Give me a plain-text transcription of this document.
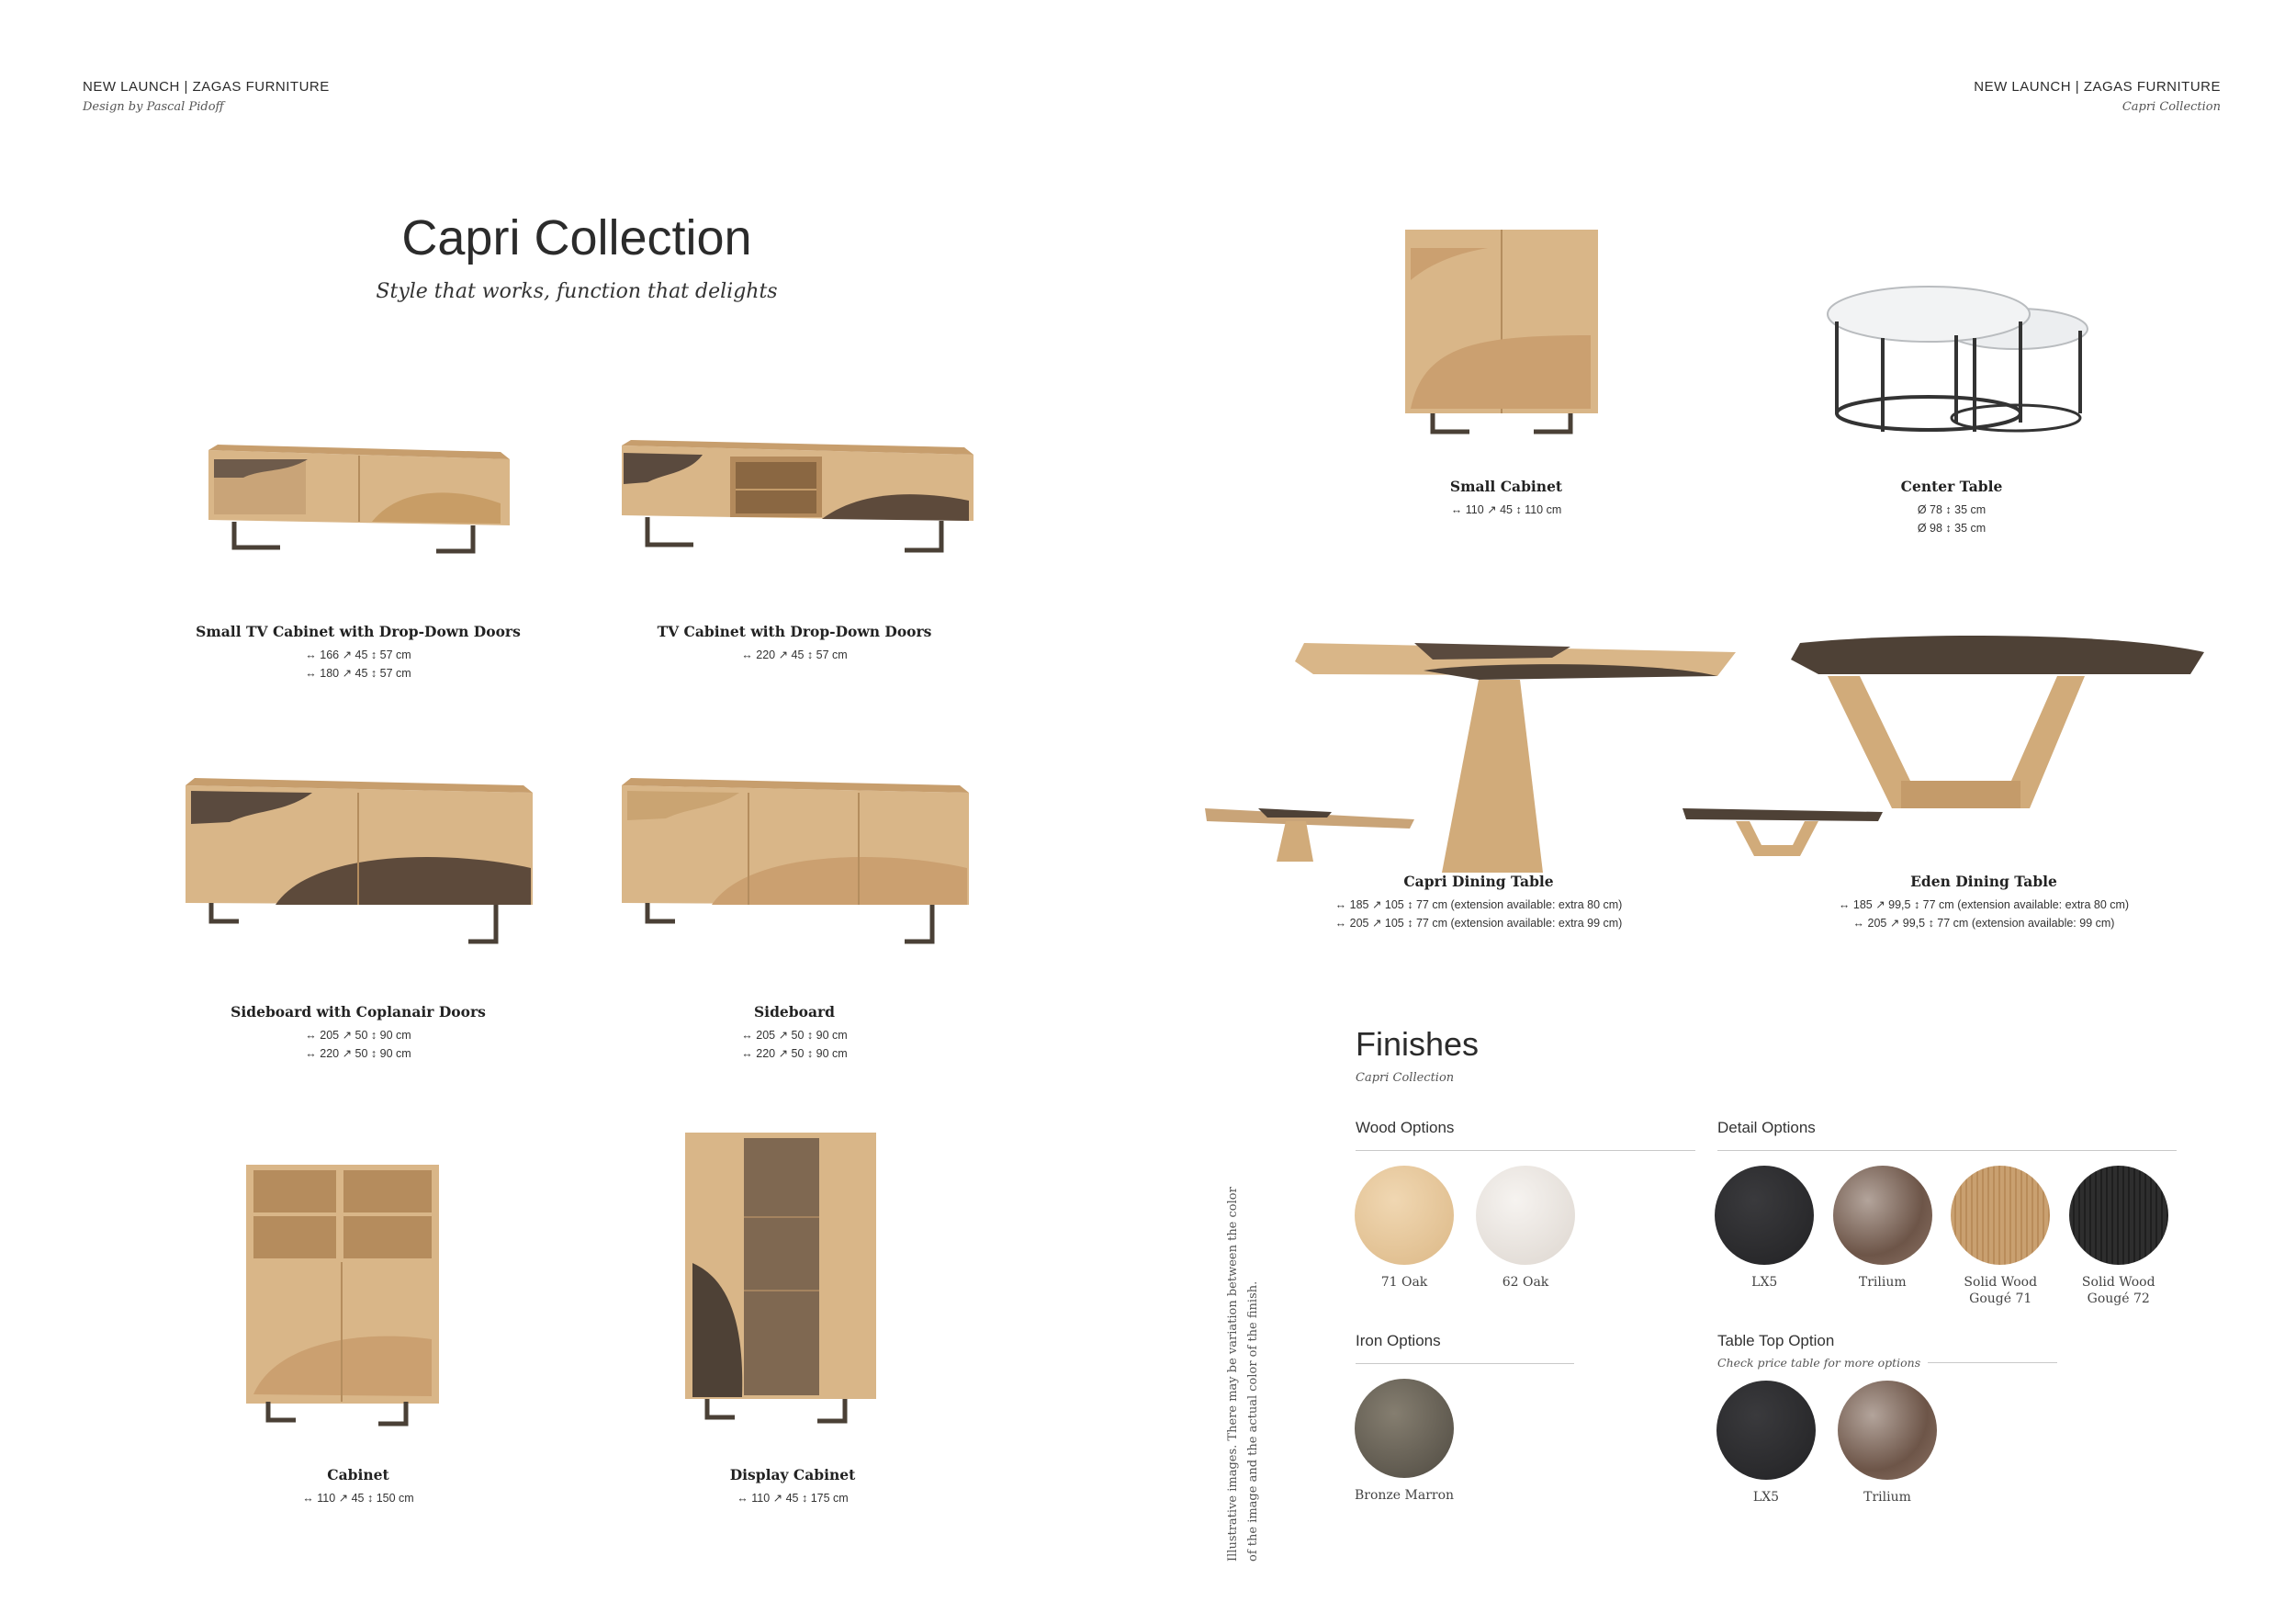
NEW LAUNCH | ZAGAS FURNITURE
Design by Pascal Pidoff
NEW LAUNCH | ZAGAS FURNITURE
Capri Collection
Capri Collection
Style that works, function that delights
Small TV Cabinet with Drop-Down Doors
↔ 166 ↗ 45 ↕ 57 cm
↔ 180 ↗ 45 ↕ 57 cm
TV Cabinet with Drop-Down Doors
↔ 220 ↗ 45 ↕ 57 cm
Sideboard with Coplanair Doors
↔ 205 ↗ 50 ↕ 90 cm
↔ 220 ↗ 50 ↕ 90 cm
Sideboard
↔ 205 ↗ 50 ↕ 90 cm
↔ 220 ↗ 50 ↕ 90 cm
Cabinet
↔ 110 ↗ 45 ↕ 150 cm
Display Cabinet
↔ 110 ↗ 45 ↕ 175 cm
Small Cabinet
↔ 110 ↗ 45 ↕ 110 cm
Center Table
Ø 78 ↕ 35 cm
Ø 98 ↕ 35 cm
Capri Dining Table
↔ 185 ↗ 105 ↕ 77 cm (extension available: extra 80 cm)
↔ 205 ↗ 105 ↕ 77 cm (extension available: extra 99 cm)
Eden Dining Table
↔ 185 ↗ 99,5 ↕ 77 cm (extension available: extra 80 cm)
↔ 205 ↗ 99,5 ↕ 77 cm (extension available: 99 cm)
Illustrative images. There may be variation between the color of the image and the actual color of the finish.
Finishes
Capri Collection
Wood Options
71 Oak	62 Oak
Detail Options
LX5	Trilium	Solid Wood
Gougé 71
Solid Wood
Gougé 72
Iron Options
Bronze Marron
Table Top Option
Check price table for more options
LX5	Trilium
